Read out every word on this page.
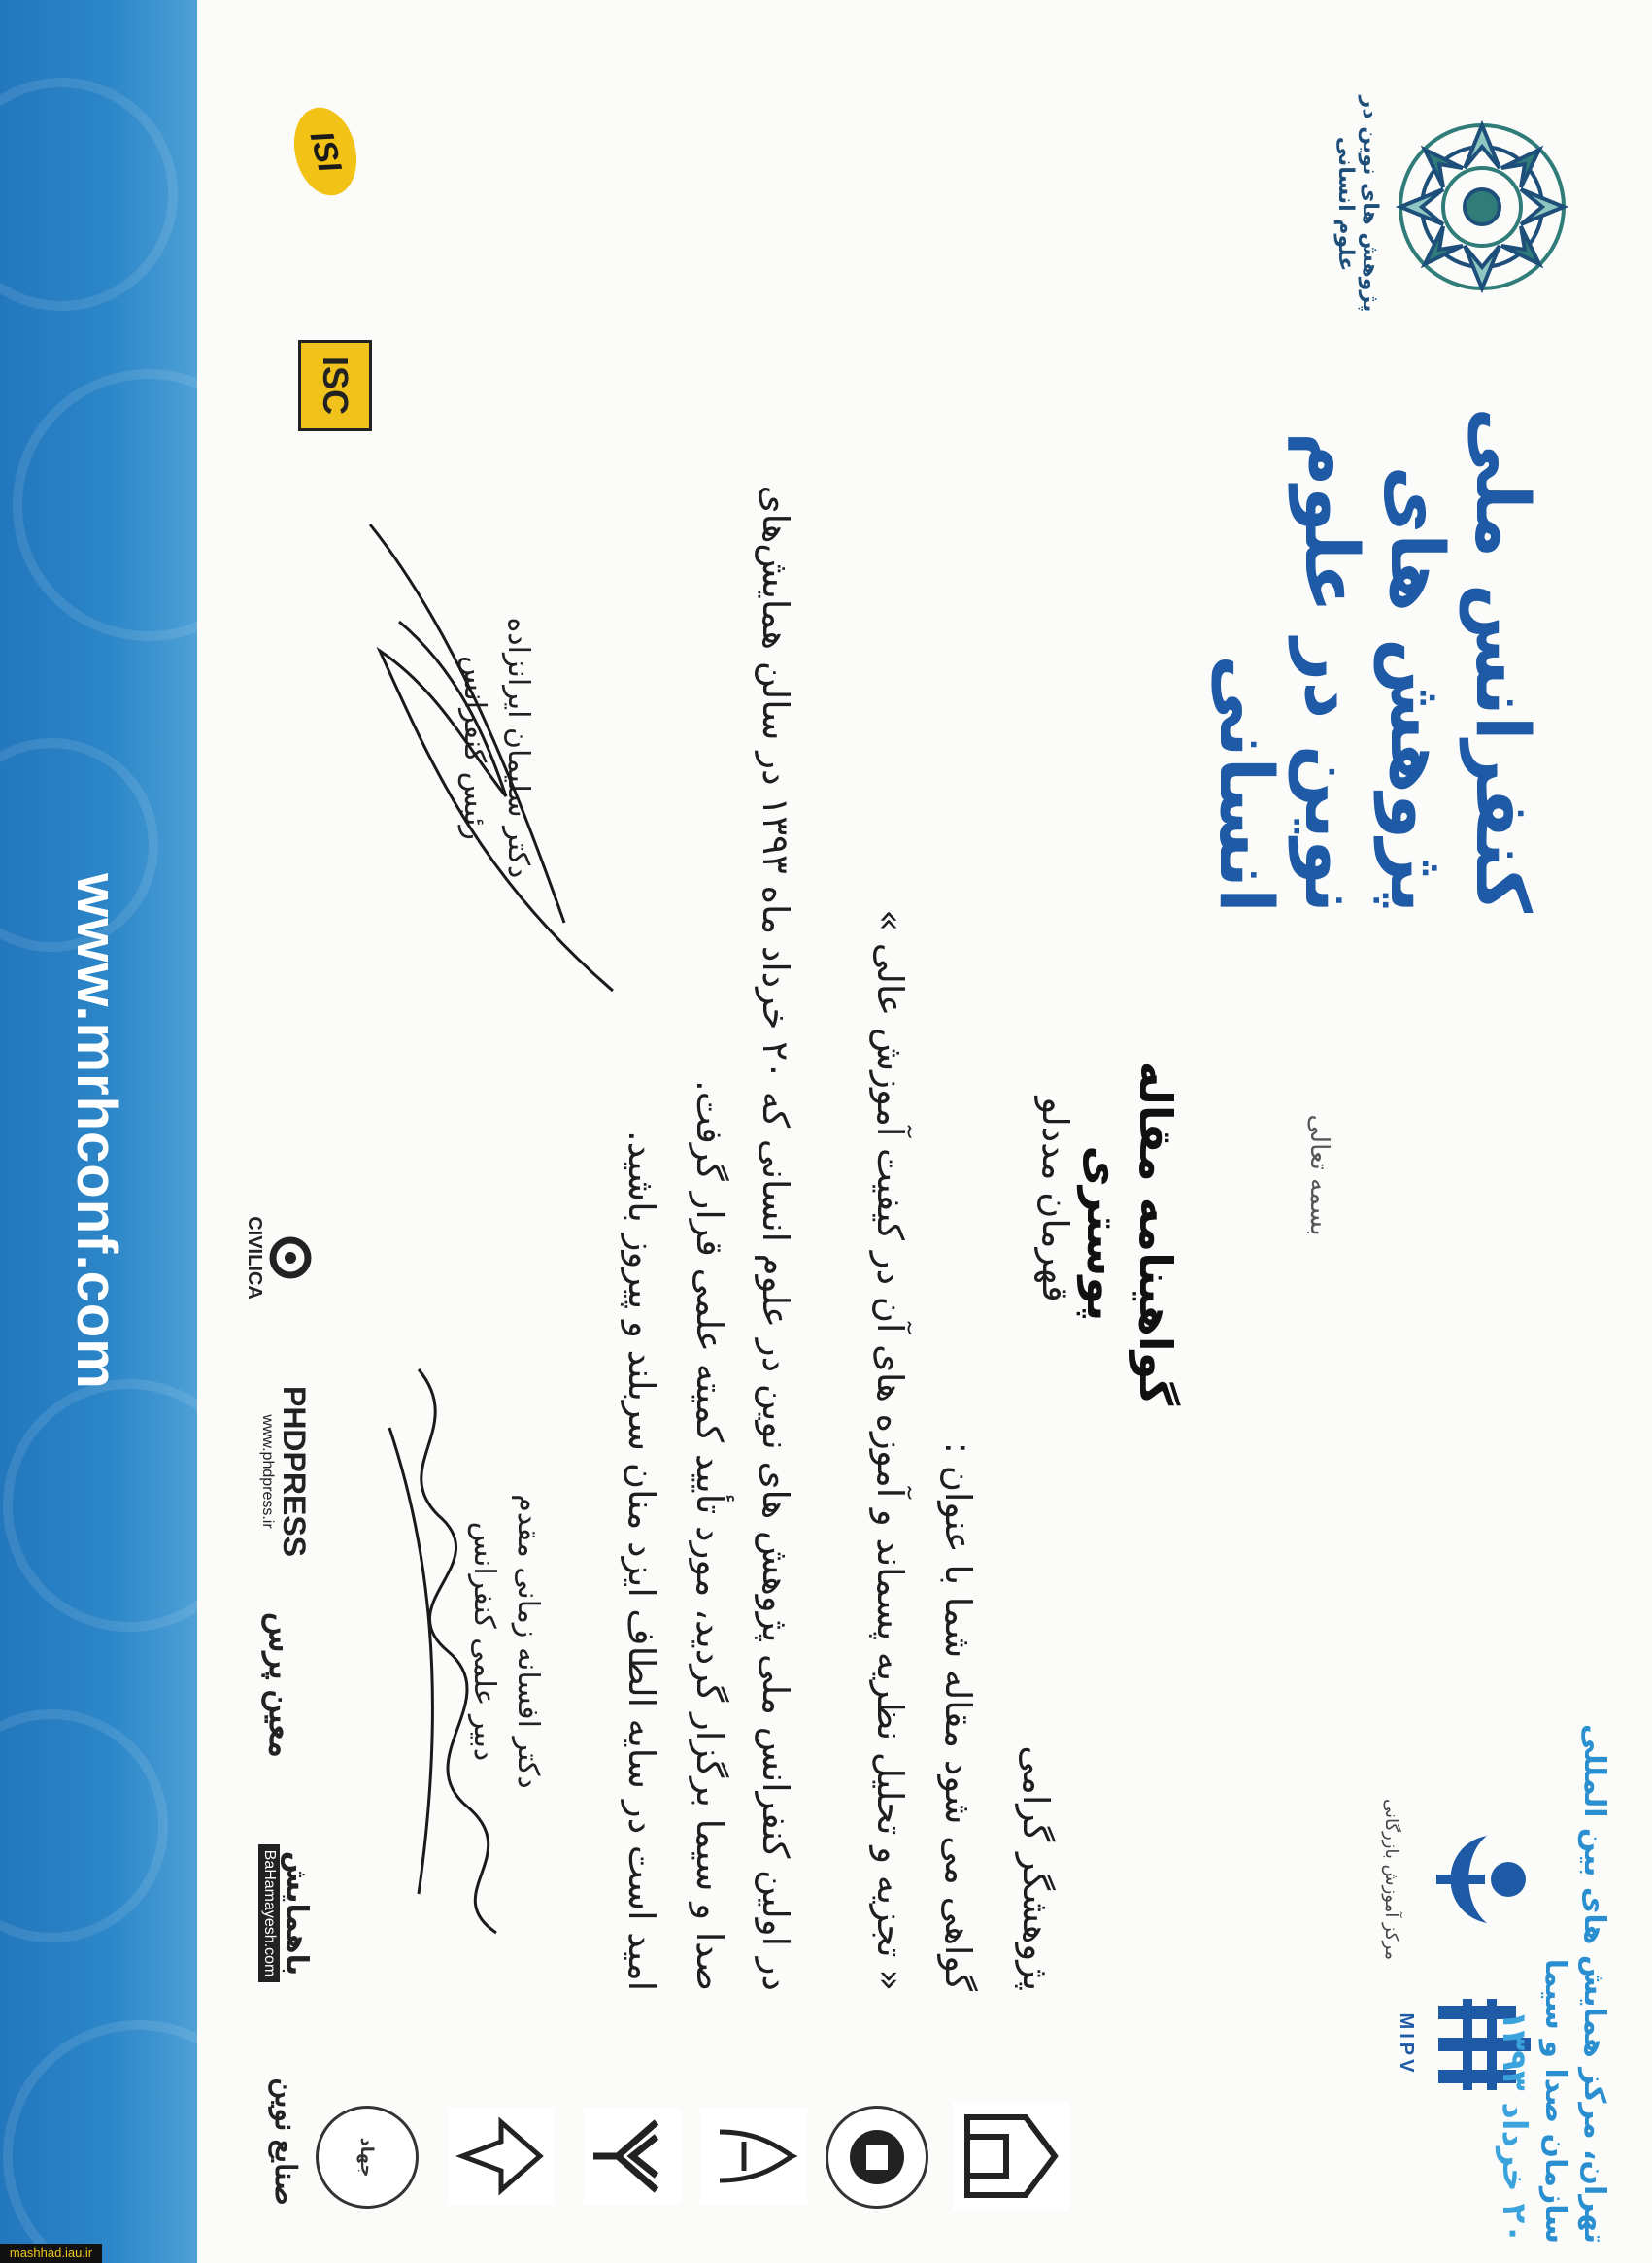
پژوهش های نوین در علوم انسانی
کنفرانس ملی پژوهش های نوین در علوم انسانی
ISC
ISI
بسمه تعالی
گواهینامه مقاله پوستری
قهرمان مددلو
پژوهشگر گرامی
گواهی می شود مقاله شما با عنوان :
« تجزیه و تحلیل نظریه پسماند و آموزه های آن در کیفیت آموزش عالی »
در اولین کنفرانس ملی پژوهش های نوین در علوم انسانی که ۲۰ خرداد ماه ۱۳۹۳ در سالن همایش‌های
صدا و سیما برگزار گردید، مورد تأیید کمیته علمی قرار گرفت.
امید است در سایه الطاف ایزد منان سربلند و پیروز باشید.
دکتر سلیمان ایرانزاده
رئیس کنفرانس
دکتر افسانه زمانی مقدم
دبیر علمی کنفرانس
مرکز آموزش بازرگانی
MIPV	تهران، مرکز همایش های بین المللی
سازمان صدا و سیما
۲۰ خرداد ۱۳۹۳
جهاد
صنایع نوین
باهمایش
BaHamayesh.com
معین پرس
PHDPRESS
www.phdpress.ir
CIVILICA
www.mrhconf.com
mashhad.iau.ir
